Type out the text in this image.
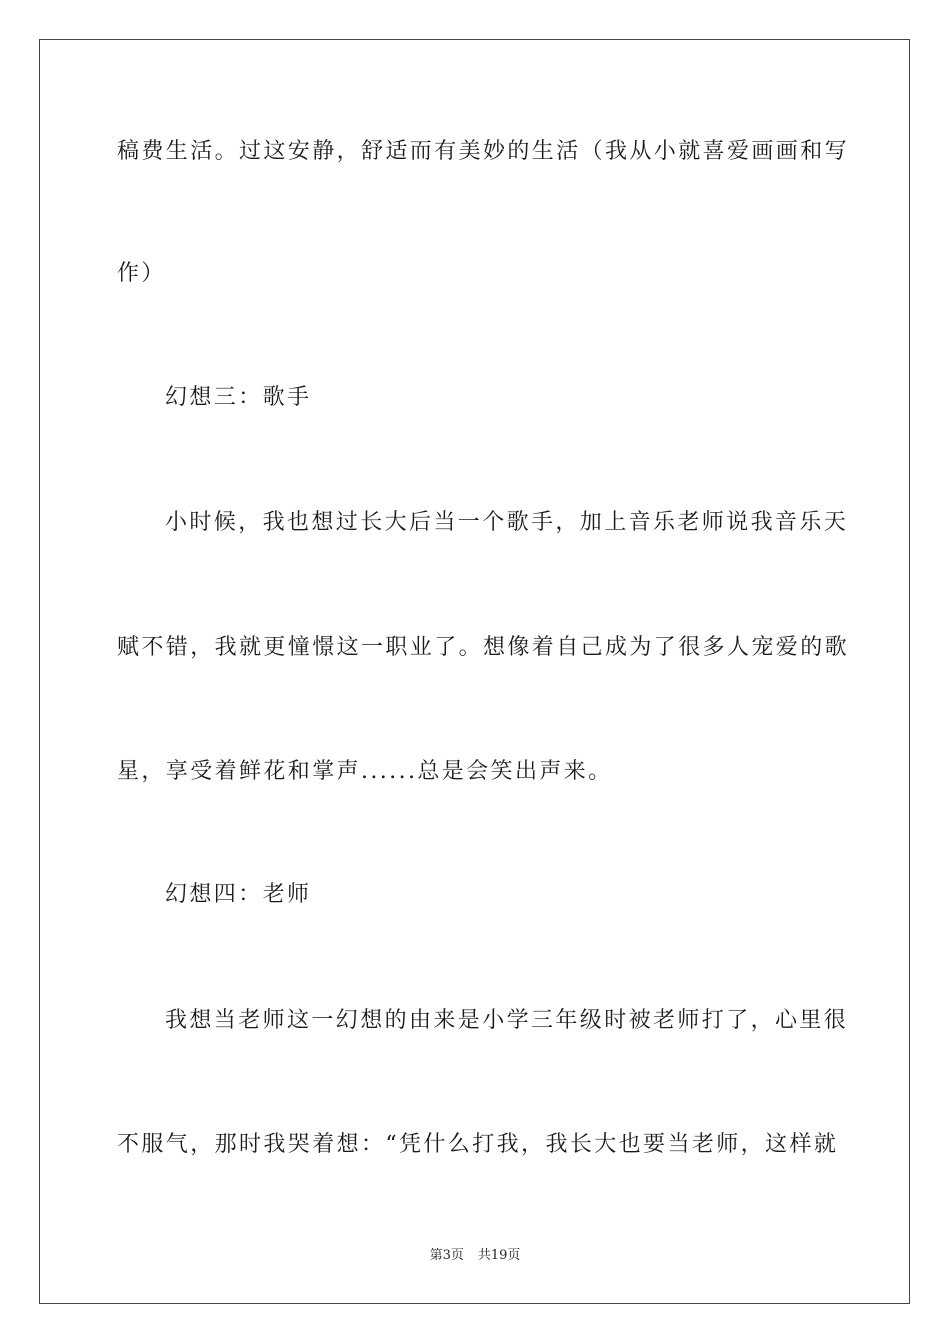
稿费生活。过这安静，舒适而有美妙的生活（我从小就喜爱画画和写
作）
幻想三：歌手
小时候，我也想过长大后当一个歌手，加上音乐老师说我音乐天
赋不错，我就更憧憬这一职业了。想像着自己成为了很多人宠爱的歌
星，享受着鲜花和掌声......总是会笑出声来。
幻想四：老师
我想当老师这一幻想的由来是小学三年级时被老师打了，心里很
不服气，那时我哭着想：“凭什么打我，我长大也要当老师，这样就
第3页 共19页
